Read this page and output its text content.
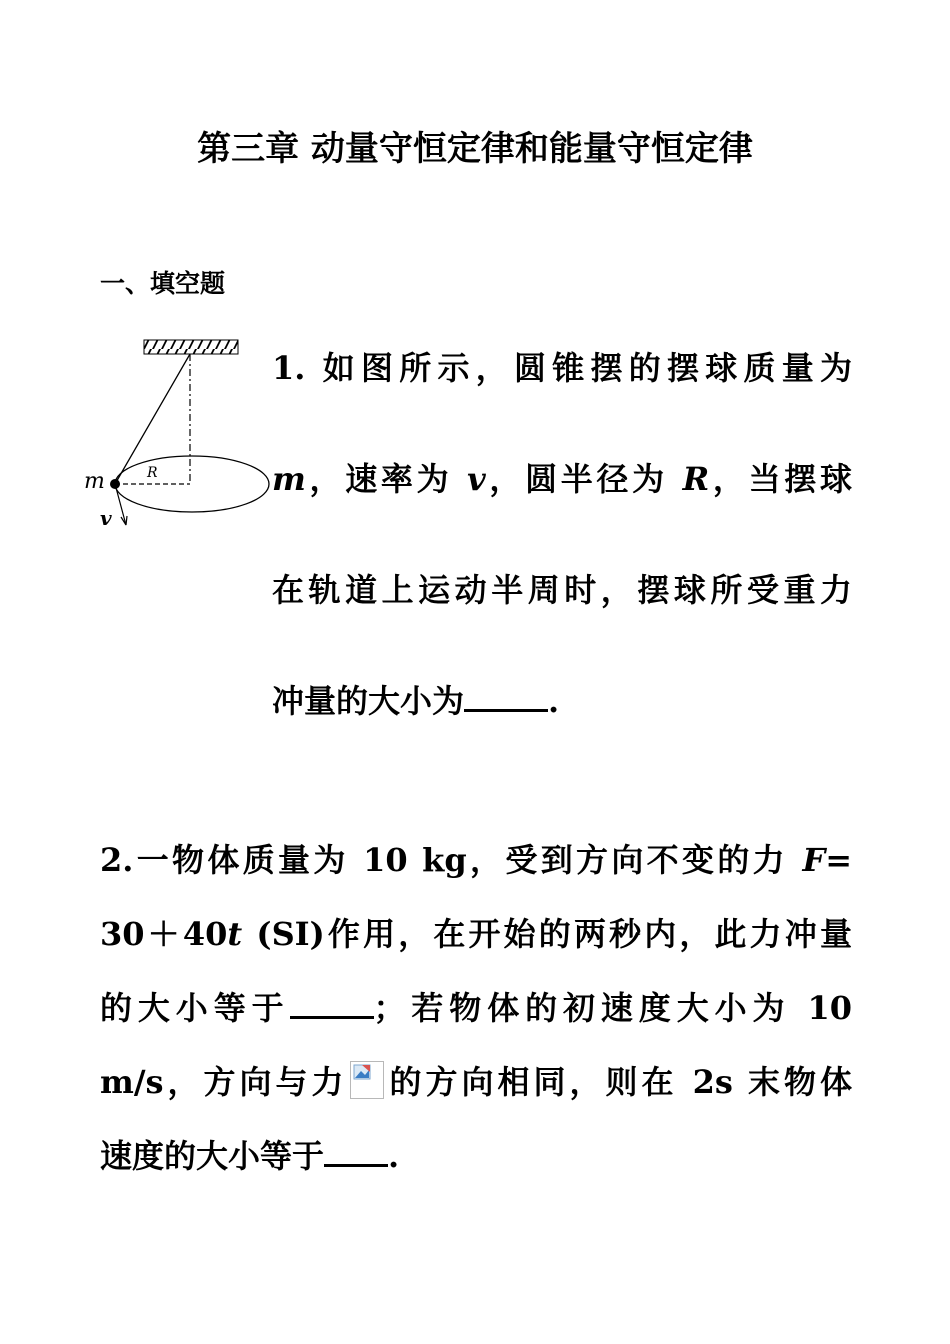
第三章 动量守恒定律和能量守恒定律
一、填空题
m	R
v
1. 如图所示，圆锥摆的摆球质量为
m，速率为 v，圆半径为 R，当摆球
在轨道上运动半周时，摆球所受重力
冲量的大小为	.
2.一物体质量为 10 kg，受到方向不变的力 F=
30＋40t (SI)作用，在开始的两秒内，此力冲量
的大小等于	；若物体的初速度大小为 10
m/s，方向与力 的方向相同，则在 2s 末物体
速度的大小等于 .
